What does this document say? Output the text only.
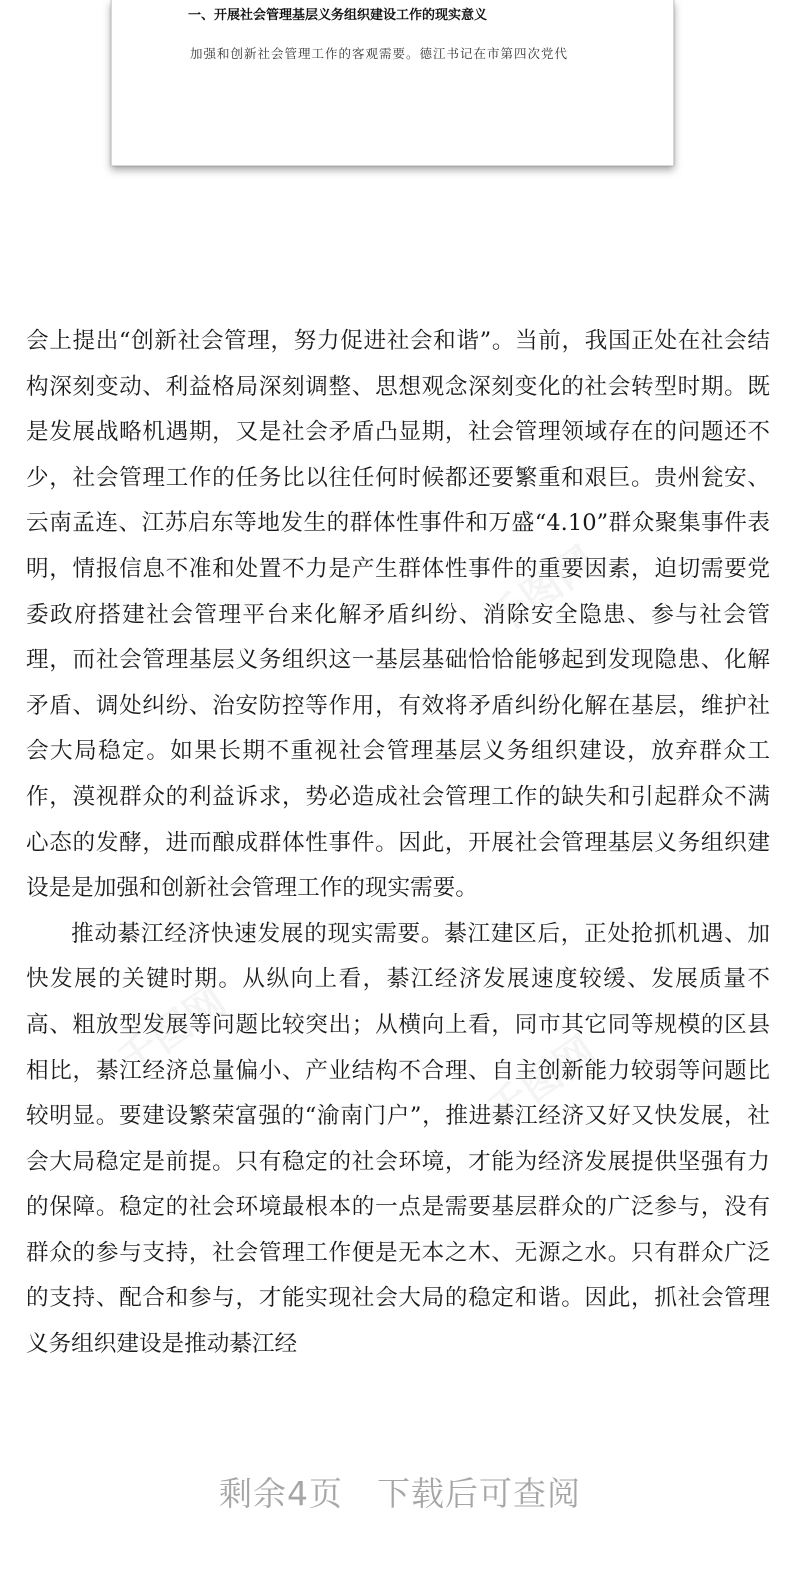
一、开展社会管理基层义务组织建设工作的现实意义
加强和创新社会管理工作的客观需要。德江书记在市第四次党代
千图网
千图网	千图网

会上提出“创新社会管理，努力促进社会和谐”。当前，我国正处在社会结构深刻变动、利益格局深刻调整、思想观念深刻变化的社会转型时期。既是发展战略机遇期，又是社会矛盾凸显期，社会管理领域存在的问题还不少，社会管理工作的任务比以往任何时候都还要繁重和艰巨。贵州瓮安、云南孟连、江苏启东等地发生的群体性事件和万盛“4.10”群众聚集事件表明，情报信息不准和处置不力是产生群体性事件的重要因素，迫切需要党委政府搭建社会管理平台来化解矛盾纠纷、消除安全隐患、参与社会管理，而社会管理基层义务组织这一基层基础恰恰能够起到发现隐患、化解矛盾、调处纠纷、治安防控等作用，有效将矛盾纠纷化解在基层，维护社会大局稳定。如果长期不重视社会管理基层义务组织建设，放弃群众工作，漠视群众的利益诉求，势必造成社会管理工作的缺失和引起群众不满心态的发酵，进而酿成群体性事件。因此，开展社会管理基层义务组织建设是是加强和创新社会管理工作的现实需要。

推动綦江经济快速发展的现实需要。綦江建区后，正处抢抓机遇、加快发展的关键时期。从纵向上看，綦江经济发展速度较缓、发展质量不高、粗放型发展等问题比较突出；从横向上看，同市其它同等规模的区县相比，綦江经济总量偏小、产业结构不合理、自主创新能力较弱等问题比较明显。要建设繁荣富强的“渝南门户”，推进綦江经济又好又快发展，社会大局稳定是前提。只有稳定的社会环境，才能为经济发展提供坚强有力的保障。稳定的社会环境最根本的一点是需要基层群众的广泛参与，没有群众的参与支持，社会管理工作便是无本之木、无源之水。只有群众广泛的支持、配合和参与，才能实现社会大局的稳定和谐。因此，抓社会管理义务组织建设是推动綦江经

剩余4页 下载后可查阅
